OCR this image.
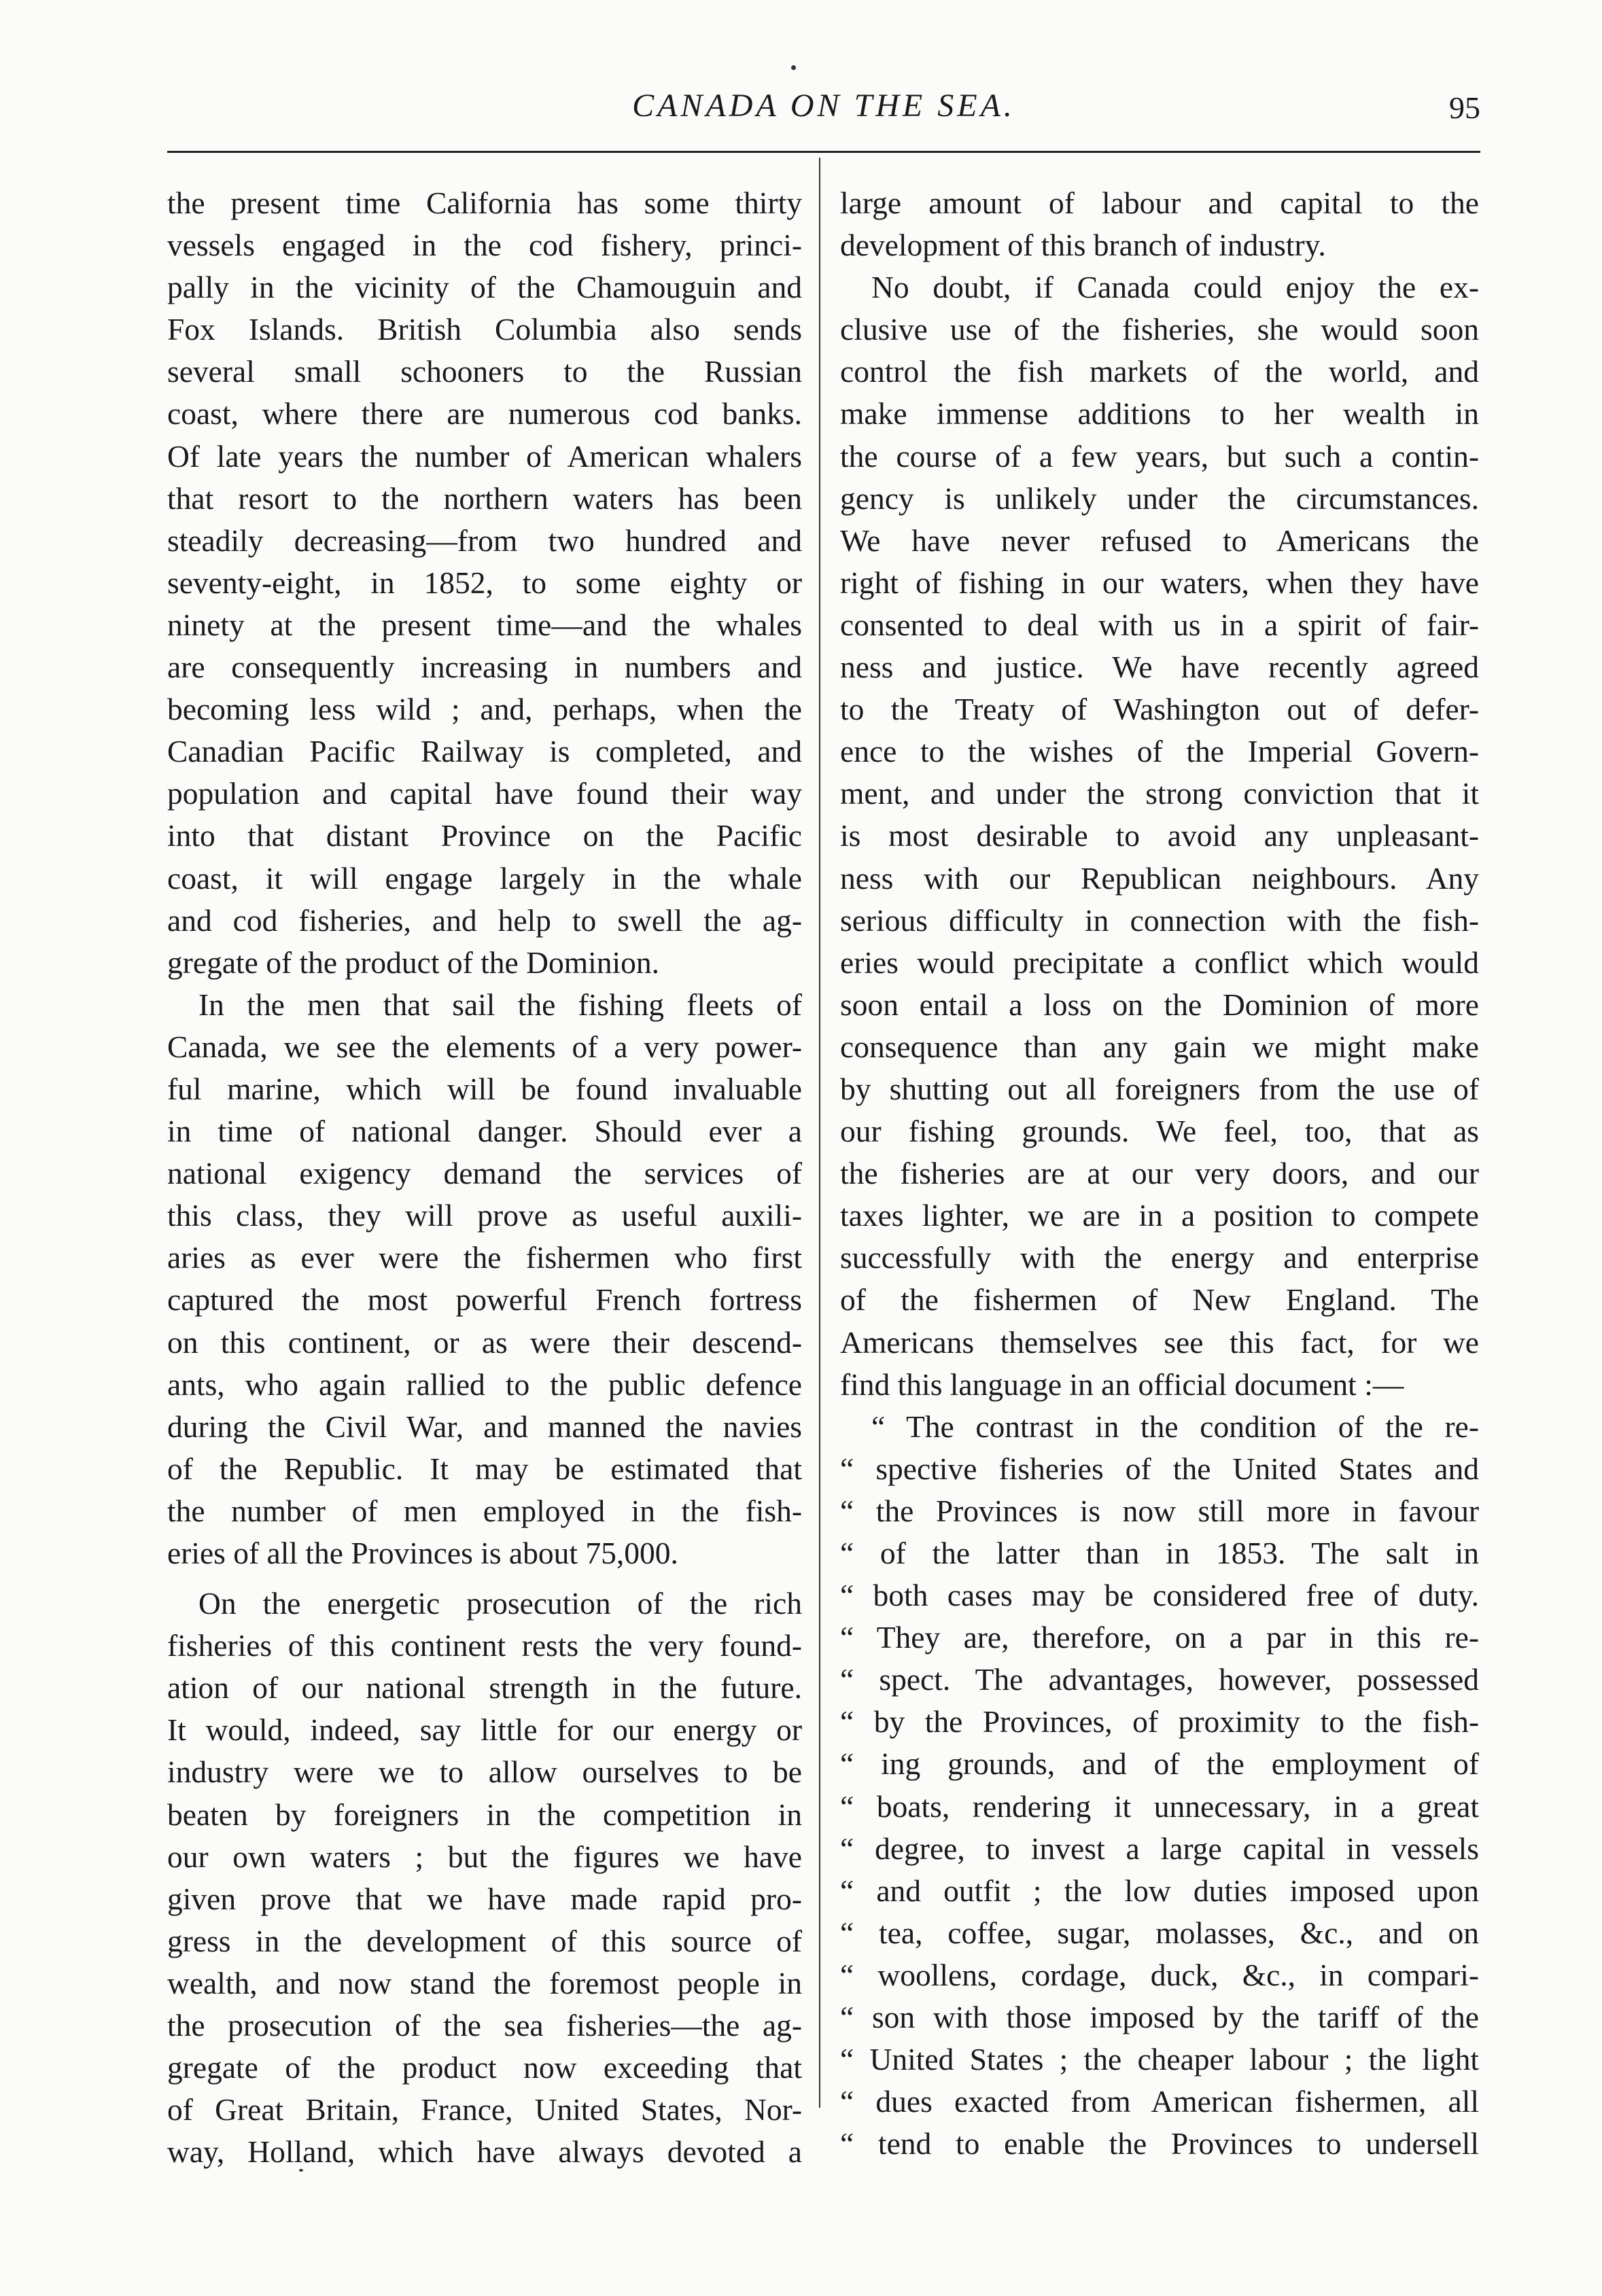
CANADA ON THE SEA.	95
the present time California has some thirty
vessels engaged in the cod fishery, princi-
pally in the vicinity of the Chamouguin and
Fox Islands. British Columbia also sends
several small schooners to the Russian
coast, where there are numerous cod banks.
Of late years the number of American whalers
that resort to the northern waters has been
steadily decreasing—from two hundred and
seventy-eight, in 1852, to some eighty or
ninety at the present time—and the whales
are consequently increasing in numbers and
becoming less wild ; and, perhaps, when the
Canadian Pacific Railway is completed, and
population and capital have found their way
into that distant Province on the Pacific
coast, it will engage largely in the whale
and cod fisheries, and help to swell the ag-
gregate of the product of the Dominion.
In the men that sail the fishing fleets of
Canada, we see the elements of a very power-
ful marine, which will be found invaluable
in time of national danger. Should ever a
national exigency demand the services of
this class, they will prove as useful auxili-
aries as ever were the fishermen who first
captured the most powerful French fortress
on this continent, or as were their descend-
ants, who again rallied to the public defence
during the Civil War, and manned the navies
of the Republic. It may be estimated that
the number of men employed in the fish-
eries of all the Provinces is about 75,000.
On the energetic prosecution of the rich
fisheries of this continent rests the very found-
ation of our national strength in the future.
It would, indeed, say little for our energy or
industry were we to allow ourselves to be
beaten by foreigners in the competition in
our own waters ; but the figures we have
given prove that we have made rapid pro-
gress in the development of this source of
wealth, and now stand the foremost people in
the prosecution of the sea fisheries—the ag-
gregate of the product now exceeding that
of Great Britain, France, United States, Nor-
way, Holland, which have always devoted a
large amount of labour and capital to the
development of this branch of industry.
No doubt, if Canada could enjoy the ex-
clusive use of the fisheries, she would soon
control the fish markets of the world, and
make immense additions to her wealth in
the course of a few years, but such a contin-
gency is unlikely under the circumstances.
We have never refused to Americans the
right of fishing in our waters, when they have
consented to deal with us in a spirit of fair-
ness and justice. We have recently agreed
to the Treaty of Washington out of defer-
ence to the wishes of the Imperial Govern-
ment, and under the strong conviction that it
is most desirable to avoid any unpleasant-
ness with our Republican neighbours. Any
serious difficulty in connection with the fish-
eries would precipitate a conflict which would
soon entail a loss on the Dominion of more
consequence than any gain we might make
by shutting out all foreigners from the use of
our fishing grounds. We feel, too, that as
the fisheries are at our very doors, and our
taxes lighter, we are in a position to compete
successfully with the energy and enterprise
of the fishermen of New England. The
Americans themselves see this fact, for we
find this language in an official document :—
“ The contrast in the condition of the re-
“ spective fisheries of the United States and
“ the Provinces is now still more in favour
“ of the latter than in 1853. The salt in
“ both cases may be considered free of duty.
“ They are, therefore, on a par in this re-
“ spect. The advantages, however, possessed
“ by the Provinces, of proximity to the fish-
“ ing grounds, and of the employment of
“ boats, rendering it unnecessary, in a great
“ degree, to invest a large capital in vessels
“ and outfit ; the low duties imposed upon
“ tea, coffee, sugar, molasses, &c., and on
“ woollens, cordage, duck, &c., in compari-
“ son with those imposed by the tariff of the
“ United States ; the cheaper labour ; the light
“ dues exacted from American fishermen, all
“ tend to enable the Provinces to undersell
